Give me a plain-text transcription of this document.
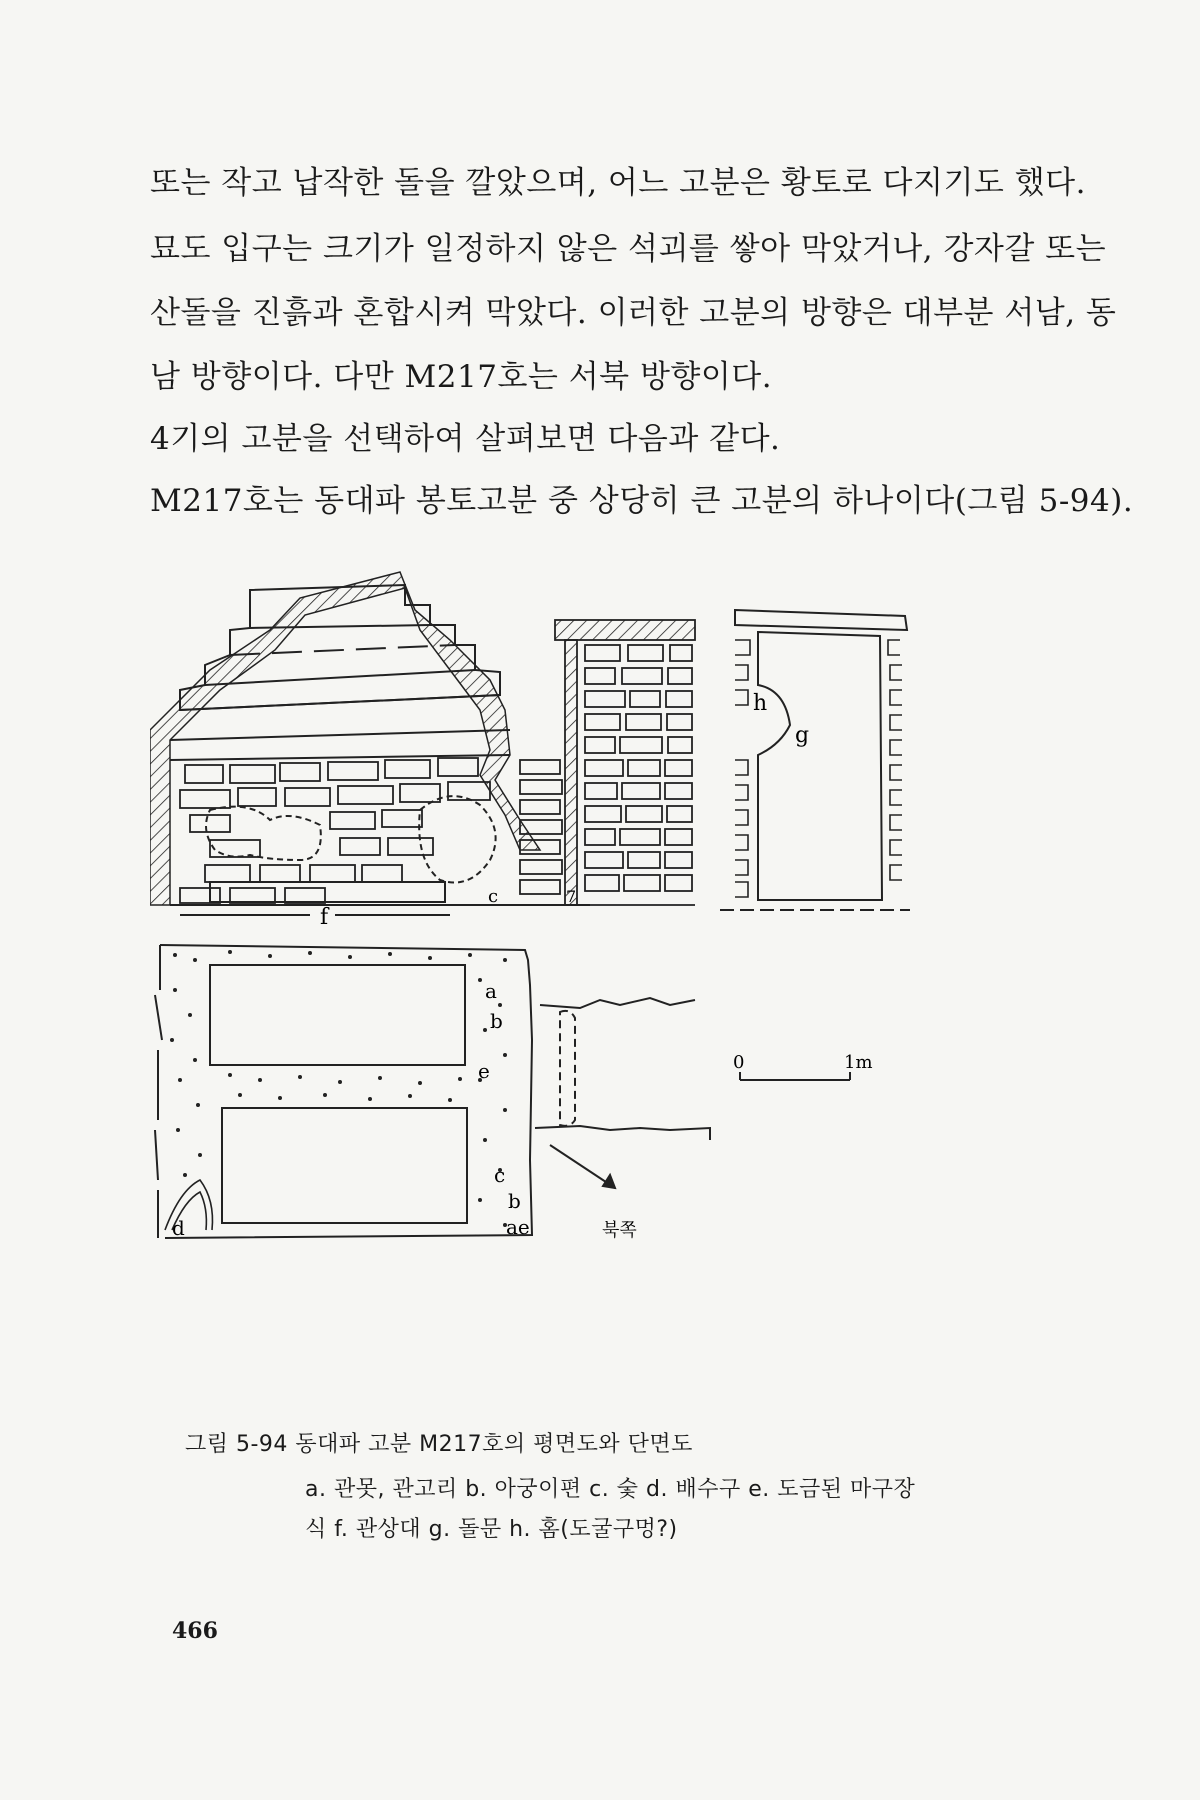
또는 작고 납작한 돌을 깔았으며, 어느 고분은 황토로 다지기도 했다.
묘도 입구는 크기가 일정하지 않은 석괴를 쌓아 막았거나, 강자갈 또는
산돌을 진흙과 혼합시켜 막았다. 이러한 고분의 방향은 대부분 서남, 동
남 방향이다. 다만 M217호는 서북 방향이다.
4기의 고분을 선택하여 살펴보면 다음과 같다.
M217호는 동대파 봉토고분 중 상당히 큰 고분의 하나이다(그림 5-94).
f
c	7
h
g
a
b
e
c
b
ae
d
0	1m
북쪽
그림 5-94 동대파 고분 M217호의 평면도와 단면도
a. 관못, 관고리 b. 아궁이편 c. 숯 d. 배수구 e. 도금된 마구장
식 f. 관상대 g. 돌문 h. 홈(도굴구멍?)
466
